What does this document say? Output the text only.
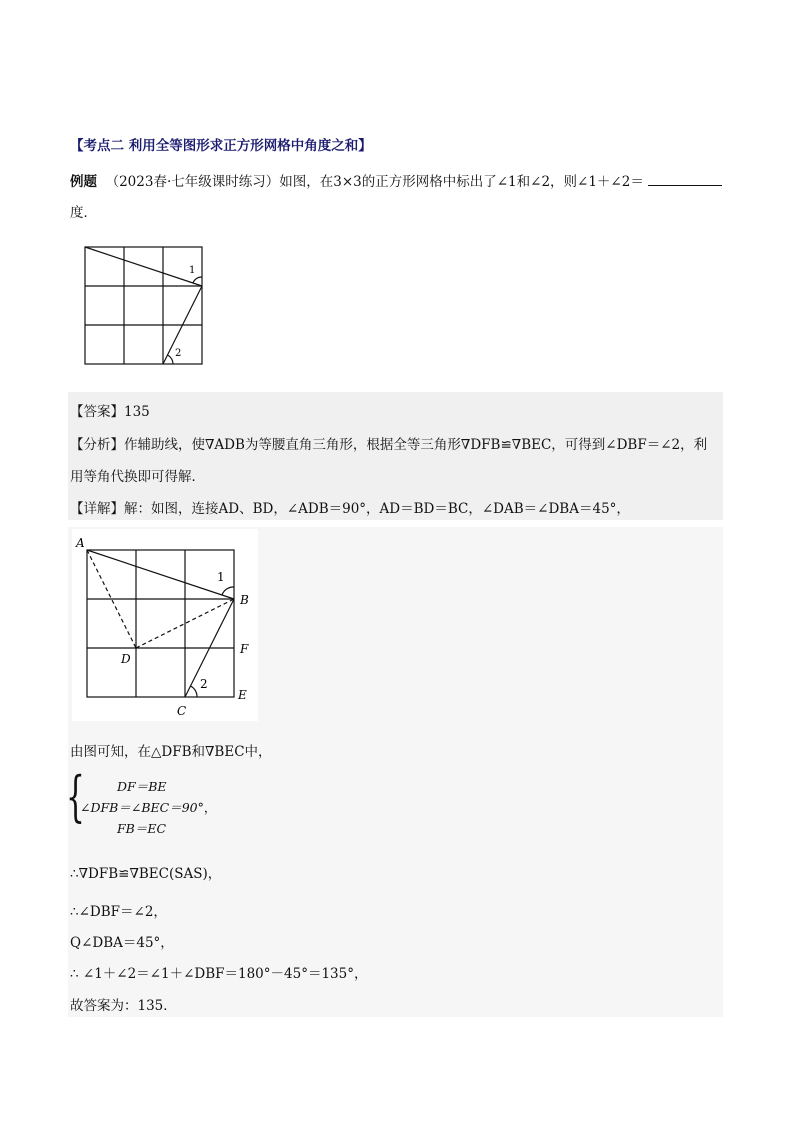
【考点二 利用全等图形求正方形网格中角度之和】
例题 （2023春·七年级课时练习）如图，在3×3的正方形网格中标出了∠1和∠2，则∠1＋∠2＝
度．
1
2
【答案】135
【分析】作辅助线，使∇ADB为等腰直角三角形，根据全等三角形∇DFB≌∇BEC，可得到∠DBF＝∠2，利
用等角代换即可得解．
【详解】解：如图，连接AD、BD，∠ADB＝90°，AD＝BD＝BC，∠DAB＝∠DBA＝45°，
A
B
C
D
E
F
1
2
由图可知，在△DFB和∇BEC中，
{	DF＝BE
∠DFB＝∠BEC＝90°，
FB＝EC
∴∇DFB≌∇BEC(SAS)，
∴∠DBF＝∠2，
Q∠DBA＝45°，
∴ ∠1＋∠2＝∠1＋∠DBF＝180°－45°＝135°，
故答案为：135．
